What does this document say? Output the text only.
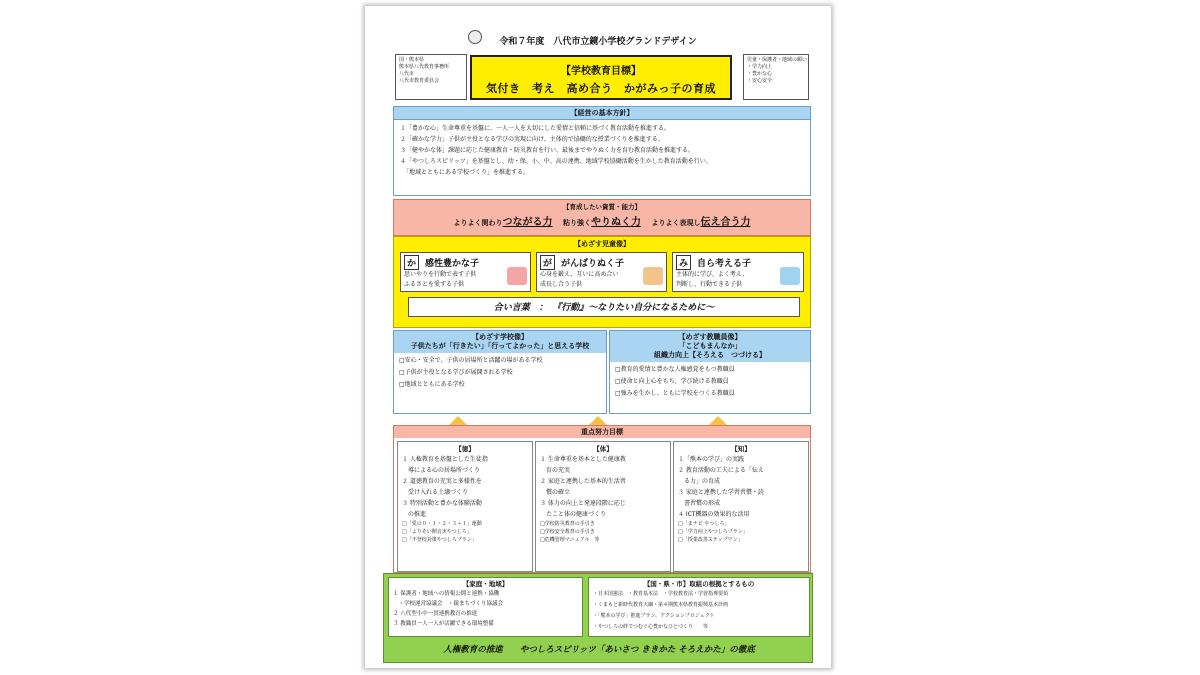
令和７年度　八代市立鏡小学校グランドデザイン
国・熊本県
熊本県八代教育事務所
八代市
八代市教育委員会
児童・保護者・地域の願い
・学力向上
・豊かな心
・安心安全
【学校教育目標】
気付き　考え　高め合う　かがみっ子の育成
【経営の基本方針】
１「豊かな心」生命尊重を基盤に、一人一人を大切にした愛情と信頼に基づく教育活動を推進する。
２「確かな学力」子供が主役となる学びの実現に向け、主体的で協働的な授業づくりを推進する。
３「健やかな体」課題に応じた健康教育・防災教育を行い、最後までやりぬく力を育む教育活動を推進する。
４「やつしろスピリッツ」を基盤とし、幼・保、小、中、高の連携、地域学校協働活動を生かした教育活動を行い、
　「地域とともにある学校づくり」を推進する。
【育成したい資質・能力】
よりよく関わりつながる力 粘り強くやりぬく力 よりよく表現し伝え合う力
【めざす児童像】
か 感性豊かな子
思いやりを行動で表す子供
ふるさとを愛する子供
が がんばりぬく子
心身を鍛え、互いに高め合い
成長し合う子供
み 自ら考える子
主体的に学び、よく考え、
判断し、行動できる子供
合い言葉　：　『行動』～なりたい自分になるために～
【めざす学校像】
子供たちが「行きたい」「行ってよかった」と思える学校
□安心・安全で、子供の居場所と活躍の場がある学校
□子供が主役となる学びが展開される学校
□地域とともにある学校
【めざす教職員像】
「こどもまんなか」
組織力向上【そろえる　つづける】
□教育的愛情と豊かな人権感覚をもつ教職員
□使命と向上心をもち、学び続ける教職員
□強みを生かし、ともに学校をつくる教職員
重点努力目標
【徳】
１ 人権教育を基盤とした生徒指
　導による心の居場所づくり
２ 道徳教育の充実と多様性を
　受け入れる土壌づくり
３ 特別活動と豊かな体験活動
　の推進
□「愛の０・１・２・３＋１」運動
□「よりそい開音実やつしろ」
□「不登校対策やつしろプラン」
【体】
１ 生命尊重を基本とした健康教
　育の充実
２ 家庭と連携した基本的生活習
　慣の確立
３ 体力の向上と発達段階に応じ
　たこと体の健康づくり
□学校防災教育の手引き
□学校安全教育の手引き
□危機管理マニュアル　等
【知】
１「熊本の学び」の実践
２ 教育活動の工夫による「伝え
　る力」の育成
３ 家庭と連携した学習習慣・読
　書習慣の形成
４ ICT機器の効果的な活用
□「まナビ やつしろ」
□「学力向上やつしろプラン」
□「授業改善ステップワン」
【家庭・地域】
１ 保護者・地域への情報公開と連携・協働
　・学校運営協議会　・鏡まちづくり協議会
２ 八代型小中一貫連携教育の推進
３ 教職員一人一人が活躍できる環境整備
【国・県・市】取組の根拠とするもの
・日本国憲法　・教育基本法　・学校教育法・学習指導要領
・くまもと新時代教育大綱・第４期熊本県教育振興基本計画
・「熊本の学び」推進プラン、アクションプロジェクト
・やつしろの絆でつむぐ心豊かなひとづくり　　等
人権教育の推進　　やつしろスピリッツ「あいさつ ききかた そろえかた」の徹底
